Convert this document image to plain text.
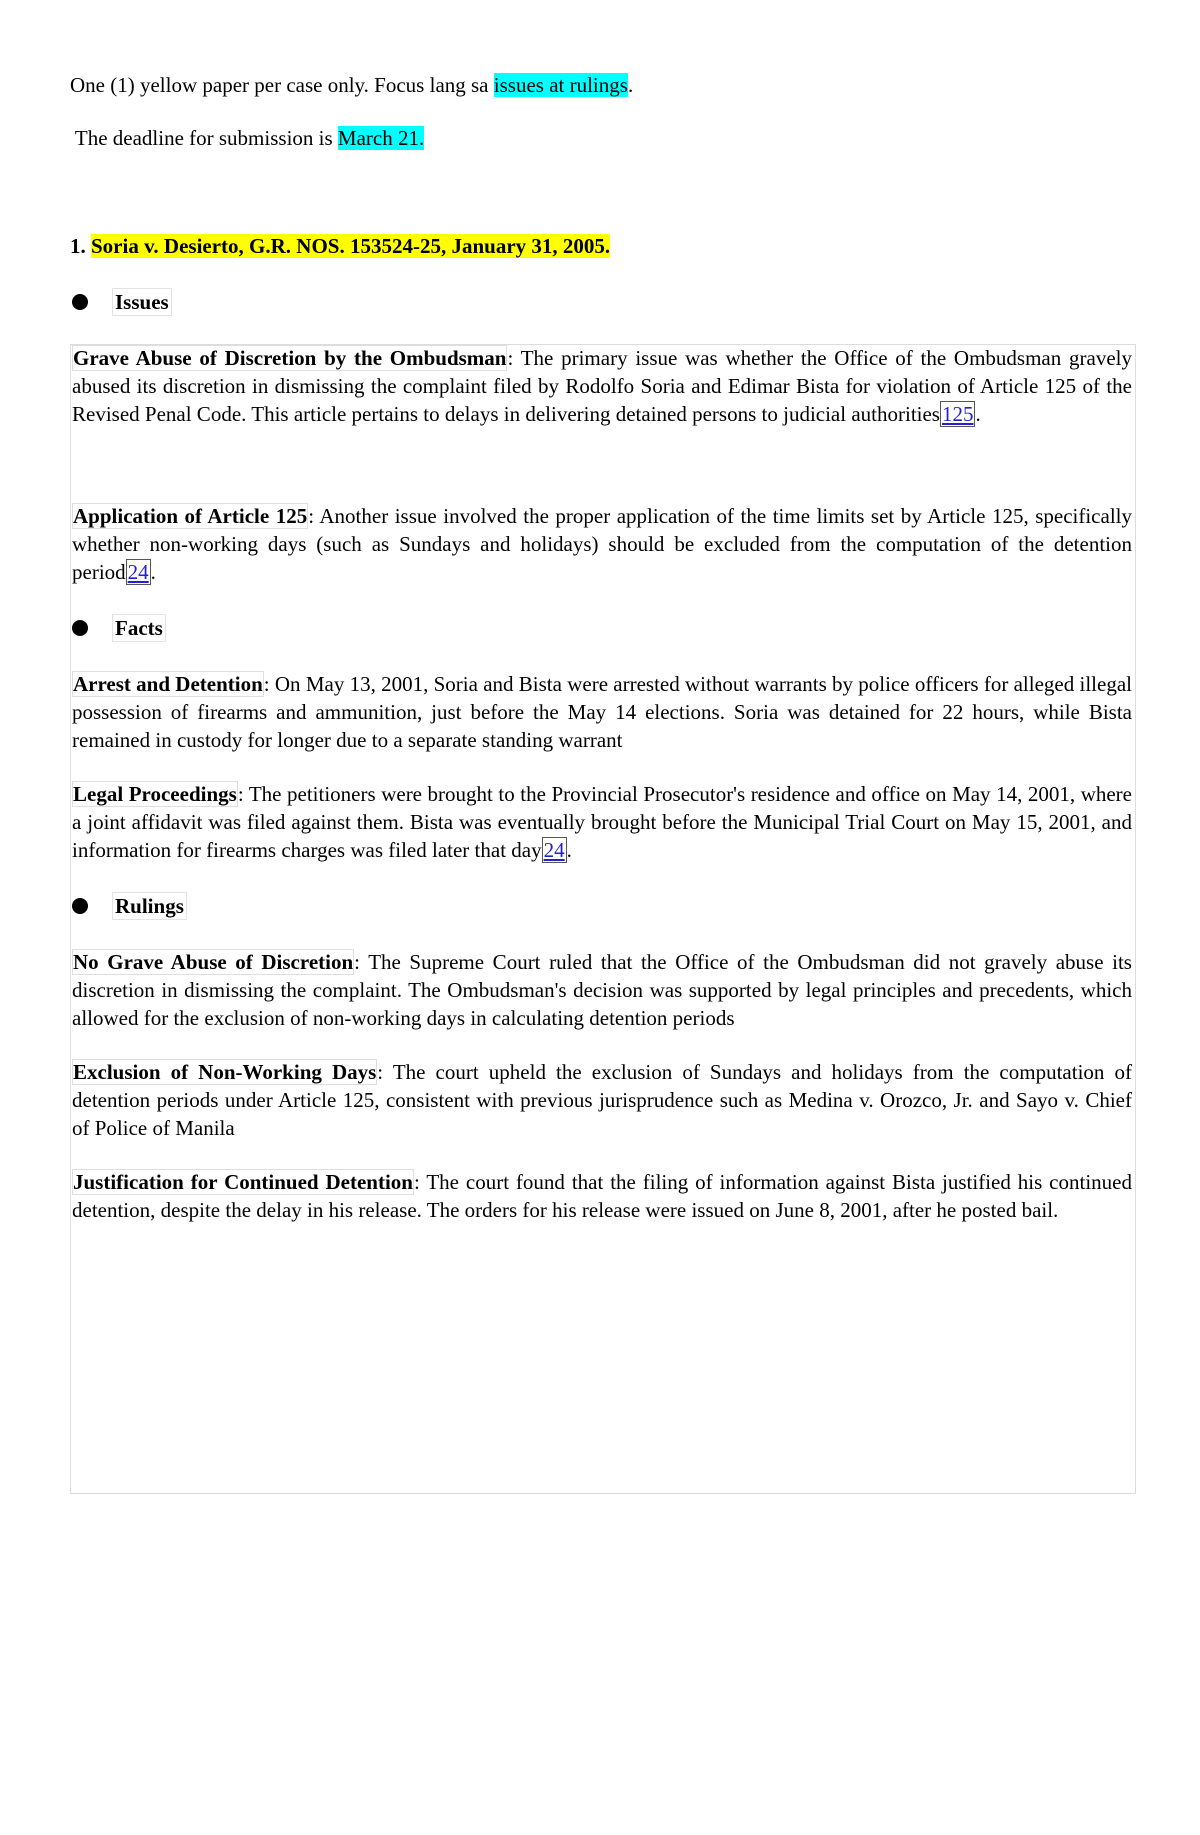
One (1) yellow paper per case only. Focus lang sa issues at rulings.
The deadline for submission is March 21.
1. Soria v. Desierto, G.R. NOS. 153524-25, January 31, 2005.
Issues
Grave Abuse of Discretion by the Ombudsman: The primary issue was whether the Office of the Ombudsman gravely abused its discretion in dismissing the complaint filed by Rodolfo Soria and Edimar Bista for violation of Article 125 of the Revised Penal Code. This article pertains to delays in delivering detained persons to judicial authorities125.
Application of Article 125: Another issue involved the proper application of the time limits set by Article 125, specifically whether non-working days (such as Sundays and holidays) should be excluded from the computation of the detention period24.
Facts
Arrest and Detention: On May 13, 2001, Soria and Bista were arrested without warrants by police officers for alleged illegal possession of firearms and ammunition, just before the May 14 elections. Soria was detained for 22 hours, while Bista remained in custody for longer due to a separate standing warrant
Legal Proceedings: The petitioners were brought to the Provincial Prosecutor's residence and office on May 14, 2001, where a joint affidavit was filed against them. Bista was eventually brought before the Municipal Trial Court on May 15, 2001, and information for firearms charges was filed later that day24.
Rulings
No Grave Abuse of Discretion: The Supreme Court ruled that the Office of the Ombudsman did not gravely abuse its discretion in dismissing the complaint. The Ombudsman's decision was supported by legal principles and precedents, which allowed for the exclusion of non-working days in calculating detention periods
Exclusion of Non-Working Days: The court upheld the exclusion of Sundays and holidays from the computation of detention periods under Article 125, consistent with previous jurisprudence such as Medina v. Orozco, Jr. and Sayo v. Chief of Police of Manila
Justification for Continued Detention: The court found that the filing of information against Bista justified his continued detention, despite the delay in his release. The orders for his release were issued on June 8, 2001, after he posted bail.
